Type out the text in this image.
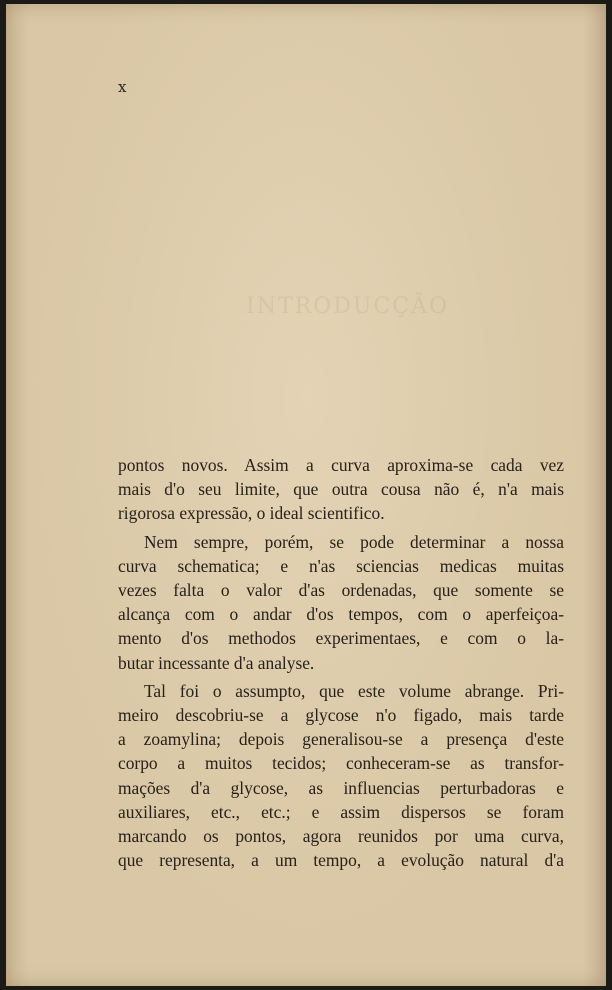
x
INTRODUCÇÃO
pontos novos. Assim a curva aproxima-se cada vez
mais d'o seu limite, que outra cousa não é, n'a mais
rigorosa expressão, o ideal scientifico.
Nem sempre, porém, se pode determinar a nossa
curva schematica; e n'as sciencias medicas muitas
vezes falta o valor d'as ordenadas, que somente se
alcança com o andar d'os tempos, com o aperfeiçoa-
mento d'os methodos experimentaes, e com o la-
butar incessante d'a analyse.
Tal foi o assumpto, que este volume abrange. Pri-
meiro descobriu-se a glycose n'o figado, mais tarde
a zoamylina; depois generalisou-se a presença d'este
corpo a muitos tecidos; conheceram-se as transfor-
mações d'a glycose, as influencias perturbadoras e
auxiliares, etc., etc.; e assim dispersos se foram
marcando os pontos, agora reunidos por uma curva,
que representa, a um tempo, a evolução natural d'a
